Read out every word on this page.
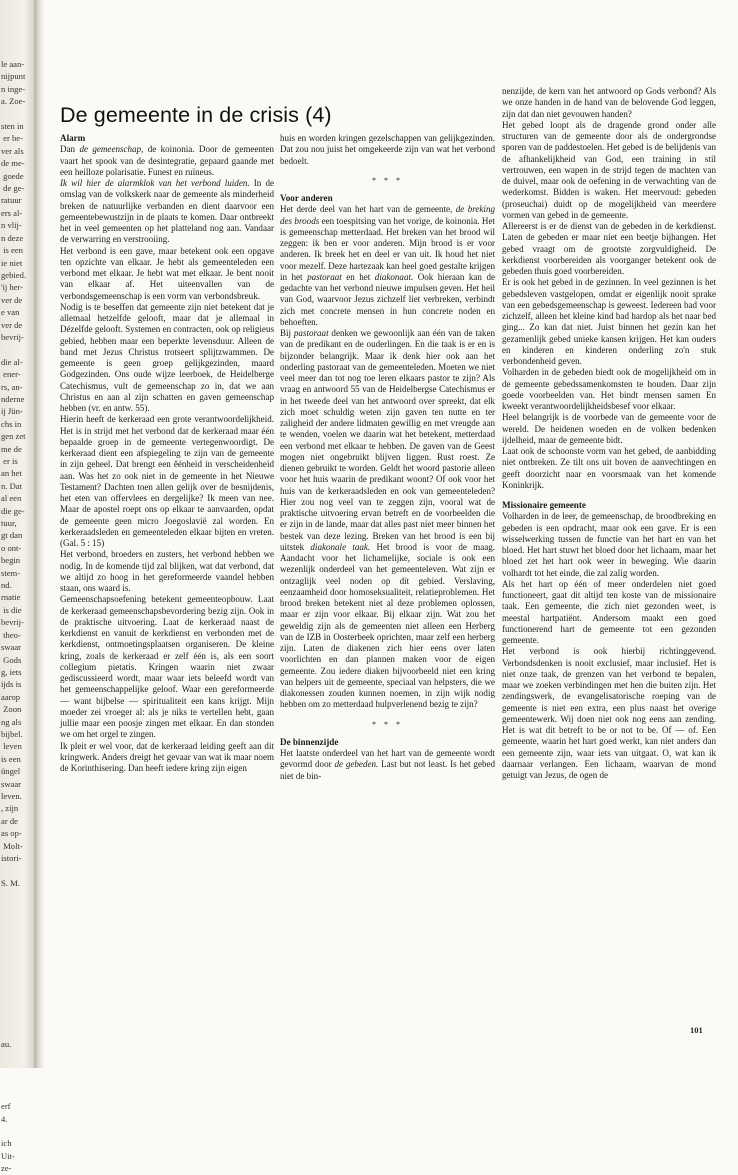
le aan-
nijpunt
n inge-
a. Zoe-

sten in
er be-
ver als
de me-
goede
de ge-
ratuur
ers al-
n vlij-
n deze
is een
ie niet
gebied.
'ij her-
ver de
e van
ver de
bevrij-

die al-
ener-
rs, an-
nderne
ij Jün-
chs in
gen zet
me de
er is
an het
n. Dat
al een
die ge-
tuur,
gt dan
o ont-
begin
stem-
nd.
rnatie
is die
bevrij-
theo-
swaar
Gods
g, iets
ijds is
aarop
Zoon
ng als
bijbel.
leven
is een
üngel
swaar
leven.
, zijn
ar de
as op-
Molt-
istori-

S. M.

au.

erf
4.

ich
Uit-
ze-
De gemeente in de crisis (4)
Alarm

Dan de gemeenschap, de koinonia. Door de gemeenten vaart het spook van de desintegratie, gepaard gaande met een heilloze polarisatie. Funest en ruïneus.

Ik wil hier de alarmklok van het verbond luiden. In de omslag van de volkskerk naar de gemeente als minderheid breken de natuurlijke verbanden en dient daarvoor een gemeentebewustzijn in de plaats te komen. Daar ontbreekt het in veel gemeenten op het platteland nog aan. Vandaar de verwarring en verstrooiing.

Het verbond is een gave, maar betekent ook een opgave ten opzichte van elkaar. Je hebt als gemeenteleden een verbond met elkaar. Je hebt wat met elkaar. Je bent nooit van elkaar af. Het uiteenvallen van de verbondsgemeenschap is een vorm van verbondsbreuk.

Nodig is te beseffen dat gemeente zijn niet betekent dat je allemaal hetzelfde gelooft, maar dat je allemaal in Dézelfde gelooft. Systemen en contracten, ook op religieus gebied, hebben maar een beperkte levensduur. Alleen de band met Jezus Christus trotseert splijtzwammen. De gemeente is geen groep gelijkgezinden, maard Godgezinden. Ons oude wijze leerboek, de Heidelberge Catechismus, vult de gemeenschap zo in, dat we aan Christus en aan al zijn schatten en gaven gemeenschap hebben (vr. en antw. 55).

Hierin heeft de kerkeraad een grote verantwoordelijkheid. Het is in strijd met het verbond dat de kerkeraad maar één bepaalde groep in de gemeente vertegenwoordigt. De kerkeraad dient een afspiegeling te zijn van de gemeente in zijn geheel. Dat brengt een ěénheid in verscheidenheid aan. Was het zo ook niet in de gemeente in het Nieuwe Testament? Dachten toen allen gelijk over de besnijdenis, het eten van offervlees en dergelijke? Ik meen van nee. Maar de apostel roept ons op elkaar te aanvaarden, opdat de gemeente geen micro Joegoslavië zal worden. En kerkeraadsleden en gemeenteleden elkaar bijten en vreten. (Gal. 5 : 15)

Het verbond, broeders en zusters, het verbond hebben we nodig. In de komende tijd zal blijken, wat dat verbond, dat we altijd zo hoog in het gereformeerde vaandel hebben staan, ons waard is.

Gemeenschapsoefening betekent gemeenteopbouw. Laat de kerkeraad gemeenschapsbevordering bezig zijn. Ook in de praktische uitvoering. Laat de kerkeraad naast de kerkdienst en vanuit de kerkdienst en verbonden met de kerkdienst, ontmoetingsplaatsen organiseren. De kleine kring, zoals de kerkeraad er zelf één is, als een soort collegium pietatis. Kringen waarin niet zwaar gediscussieerd wordt, maar waar iets beleefd wordt van het gemeenschappelijke geloof. Waar een gereformeerde — want bijbelse — spiritualiteit een kans krijgt. Mijn moeder zei vroeger al: als je niks te vertellen hebt, gaan jullie maar een poosje zingen met elkaar. En dan stonden we om het orgel te zingen.

Ik pleit er wel voor, dat de kerkeraad leiding geeft aan dit kringwerk. Anders dreigt het gevaar van wat ik maar noem de Korinthisering. Dan heeft iedere kring zijn eigen

huis en worden kringen gezelschappen van gelijkgezinden. Dat zou nou juist het omgekeerde zijn van wat het verbond bedoelt.

* * *

Voor anderen

Het derde deel van het hart van de gemeente, de breking des broods een toespitsing van het vorige, de koinonia. Het is gemeenschap metterdaad. Het breken van het brood wil zeggen: ik ben er voor anderen. Mijn brood is er voor anderen. Ik breek het en deel er van uit. Ik houd het niet voor mezelf. Deze hartezaak kan heel goed gestalte krijgen in het pastoraat en het diakonaat. Ook hieraan kan de gedachte van het verbond nieuwe impulsen geven. Het heil van God, waarvoor Jezus zichzelf liet verbreken, verbindt zich met concrete mensen in hun concrete noden en behoeften.

Bij pastoraat denken we gewoonlijk aan één van de taken van de predikant en de ouderlingen. En die taak is er en is bijzonder belangrijk. Maar ik denk hier ook aan het onderling pastoraat van de gemeenteleden. Moeten we niet veel meer dan tot nog toe leren elkaars pastor te zijn? Als vraag en antwoord 55 van de Heidelbergse Catechismus er in het tweede deel van het antwoord over spreekt, dat elk zich moet schuldig weten zijn gaven ten nutte en ter zaligheid der andere lidmaten gewillig en met vreugde aan te wenden, voelen we daarin wat het betekent, metterdaad een verbond met elkaar te hebben. De gaven van de Geest mogen niet ongebruikt blijven liggen. Rust roest. Ze dienen gebruikt te worden. Geldt het woord pastorie alleen voor het huis waarin de predikant woont? Of ook voor het huis van de kerkeraadsleden en ook van gemeenteleden? Hier zou nog veel van te zeggen zijn, vooral wat de praktische uitvoering ervan betreft en de voorbeelden die er zijn in de lande, maar dat alles past niet meer binnen het bestek van deze lezing. Breken van het brood is een bij uitstek diakonale taak. Het brood is voor de maag. Aandacht voor het lichamelijke, sociale is ook een wezenlijk onderdeel van het gemeenteleven. Wat zijn er ontzaglijk veel noden op dit gebied. Verslaving, eenzaamheid door homoseksualiteit, relatieproblemen. Het brood breken betekent niet al deze problemen oplossen, maar er zijn voor elkaar. Bij elkaar zijn. Wat zou het geweldig zijn als de gemeenten niet alleen een Herberg van de IZB in Oosterbeek oprichten, maar zelf een herberg zijn. Laten de diakenen zich hier eens over laten voorlichten en dan plannen maken voor de eigen gemeente. Zou iedere diaken bijvoorbeeld niet een kring van helpers uit de gemeente, speciaal van helpsters, die we diakonessen zouden kunnen noemen, in zijn wijk nodig hebben om zo metterdaad hulpverlenend bezig te zijn?

* * *

De binnenzijde

Het laatste onderdeel van het hart van de gemeente wordt gevormd door de gebeden. Last but not least. Is het gebed niet de bin-

nenzijde, de kern van het antwoord op Gods verbond? Als we onze handen in de hand van de belovende God leggen, zijn dat dan niet gevouwen handen?

Het gebed loopt als de dragende grond onder alle structuren van de gemeente door als de ondergrondse sporen van de paddestoelen. Het gebed is de belijdenis van de afhankelijkheid van God, een training in stil vertrouwen, een wapen in de strijd tegen de machten van de duivel, maar ook de oefening in de verwachting van de wederkomst. Bidden is waken. Het meervoud: gebeden (proseuchai) duidt op de mogelijkheid van meerdere vormen van gebed in de gemeente.

Allereerst is er de dienst van de gebeden in de kerkdienst. Laten de gebeden er maar niet een beetje bijhangen. Het gebed vraagt om de grootste zorgvuldigheid. De kerkdienst voorbereiden als voorganger betekent ook de gebeden thuis goed voorbereiden.

Er is ook het gebed in de gezinnen. In veel gezinnen is het gebedsleven vastgelopen, omdat er eigenlijk nooit sprake van een gebedsgemeenschap is geweest. Iedereen bad voor zichzelf, alleen het kleine kind bad hardop als het naar bed ging... Zo kan dat niet. Juist binnen het gezin kan het gezamenlijk gebed unieke kansen krijgen. Het kan ouders en kinderen en kinderen onderling zo'n stuk verbondenheid geven.

Volharden in de gebeden biedt ook de mogelijkheid om in de gemeente gebedssamenkomsten te houden. Daar zijn goede voorbeelden van. Het bindt mensen samen En kweekt verantwoordelijkheidsbesef voor elkaar.

Heel belangrijk is de voorbede van de gemeente voor de wereld. De heidenen woeden en de volken bedenken ijdelheid, maar de gemeente bidt.

Laat ook de schoonste vorm van het gebed, de aanbidding niet ontbreken. Ze tilt ons uit boven de aanvechtingen en geeft doorzicht naar en voorsmaak van het komende Koninkrijk.

Missionaire gemeente

Volharden in de leer, de gemeenschap, de broodbreking en gebeden is een opdracht, maar ook een gave. Er is een wisselwerking tussen de functie van het hart en van het bloed. Het hart stuwt het bloed door het lichaam, maar het bloed zet het hart ook weer in beweging. Wie daarin volhardt tot het einde, die zal zalig worden.

Als het hart op één of meer onderdelen niet goed functioneert, gaat dit altijd ten koste van de missionaire taak. Een gemeente, die zich niet gezonden weet, is meestal hartpatiënt. Andersom maakt een goed functionerend hart de gemeente tot een gezonden gemeente.

Het verbond is ook hierbij richtinggevend. Verbondsdenken is nooit exclusief, maar inclusief. Het is niet onze taak, de grenzen van het verbond te bepalen, maar we zoeken verbindingen met hen die buiten zijn. Het zendingswerk, de evangelisatorische roeping van de gemeente is niet een extra, een plus naast het overige gemeentewerk. Wij doen niet ook nog eens aan zending. Het is wat dit betreft to be or not to be. Of — of. Een gemeente, waarin het hart goed werkt, kan niet anders dan een gemeente zijn, waar iets van uitgaat. O, wat kan ik daarnaar verlangen. Een lichaam, waarvan de mond getuigt van Jezus, de ogen de

101
